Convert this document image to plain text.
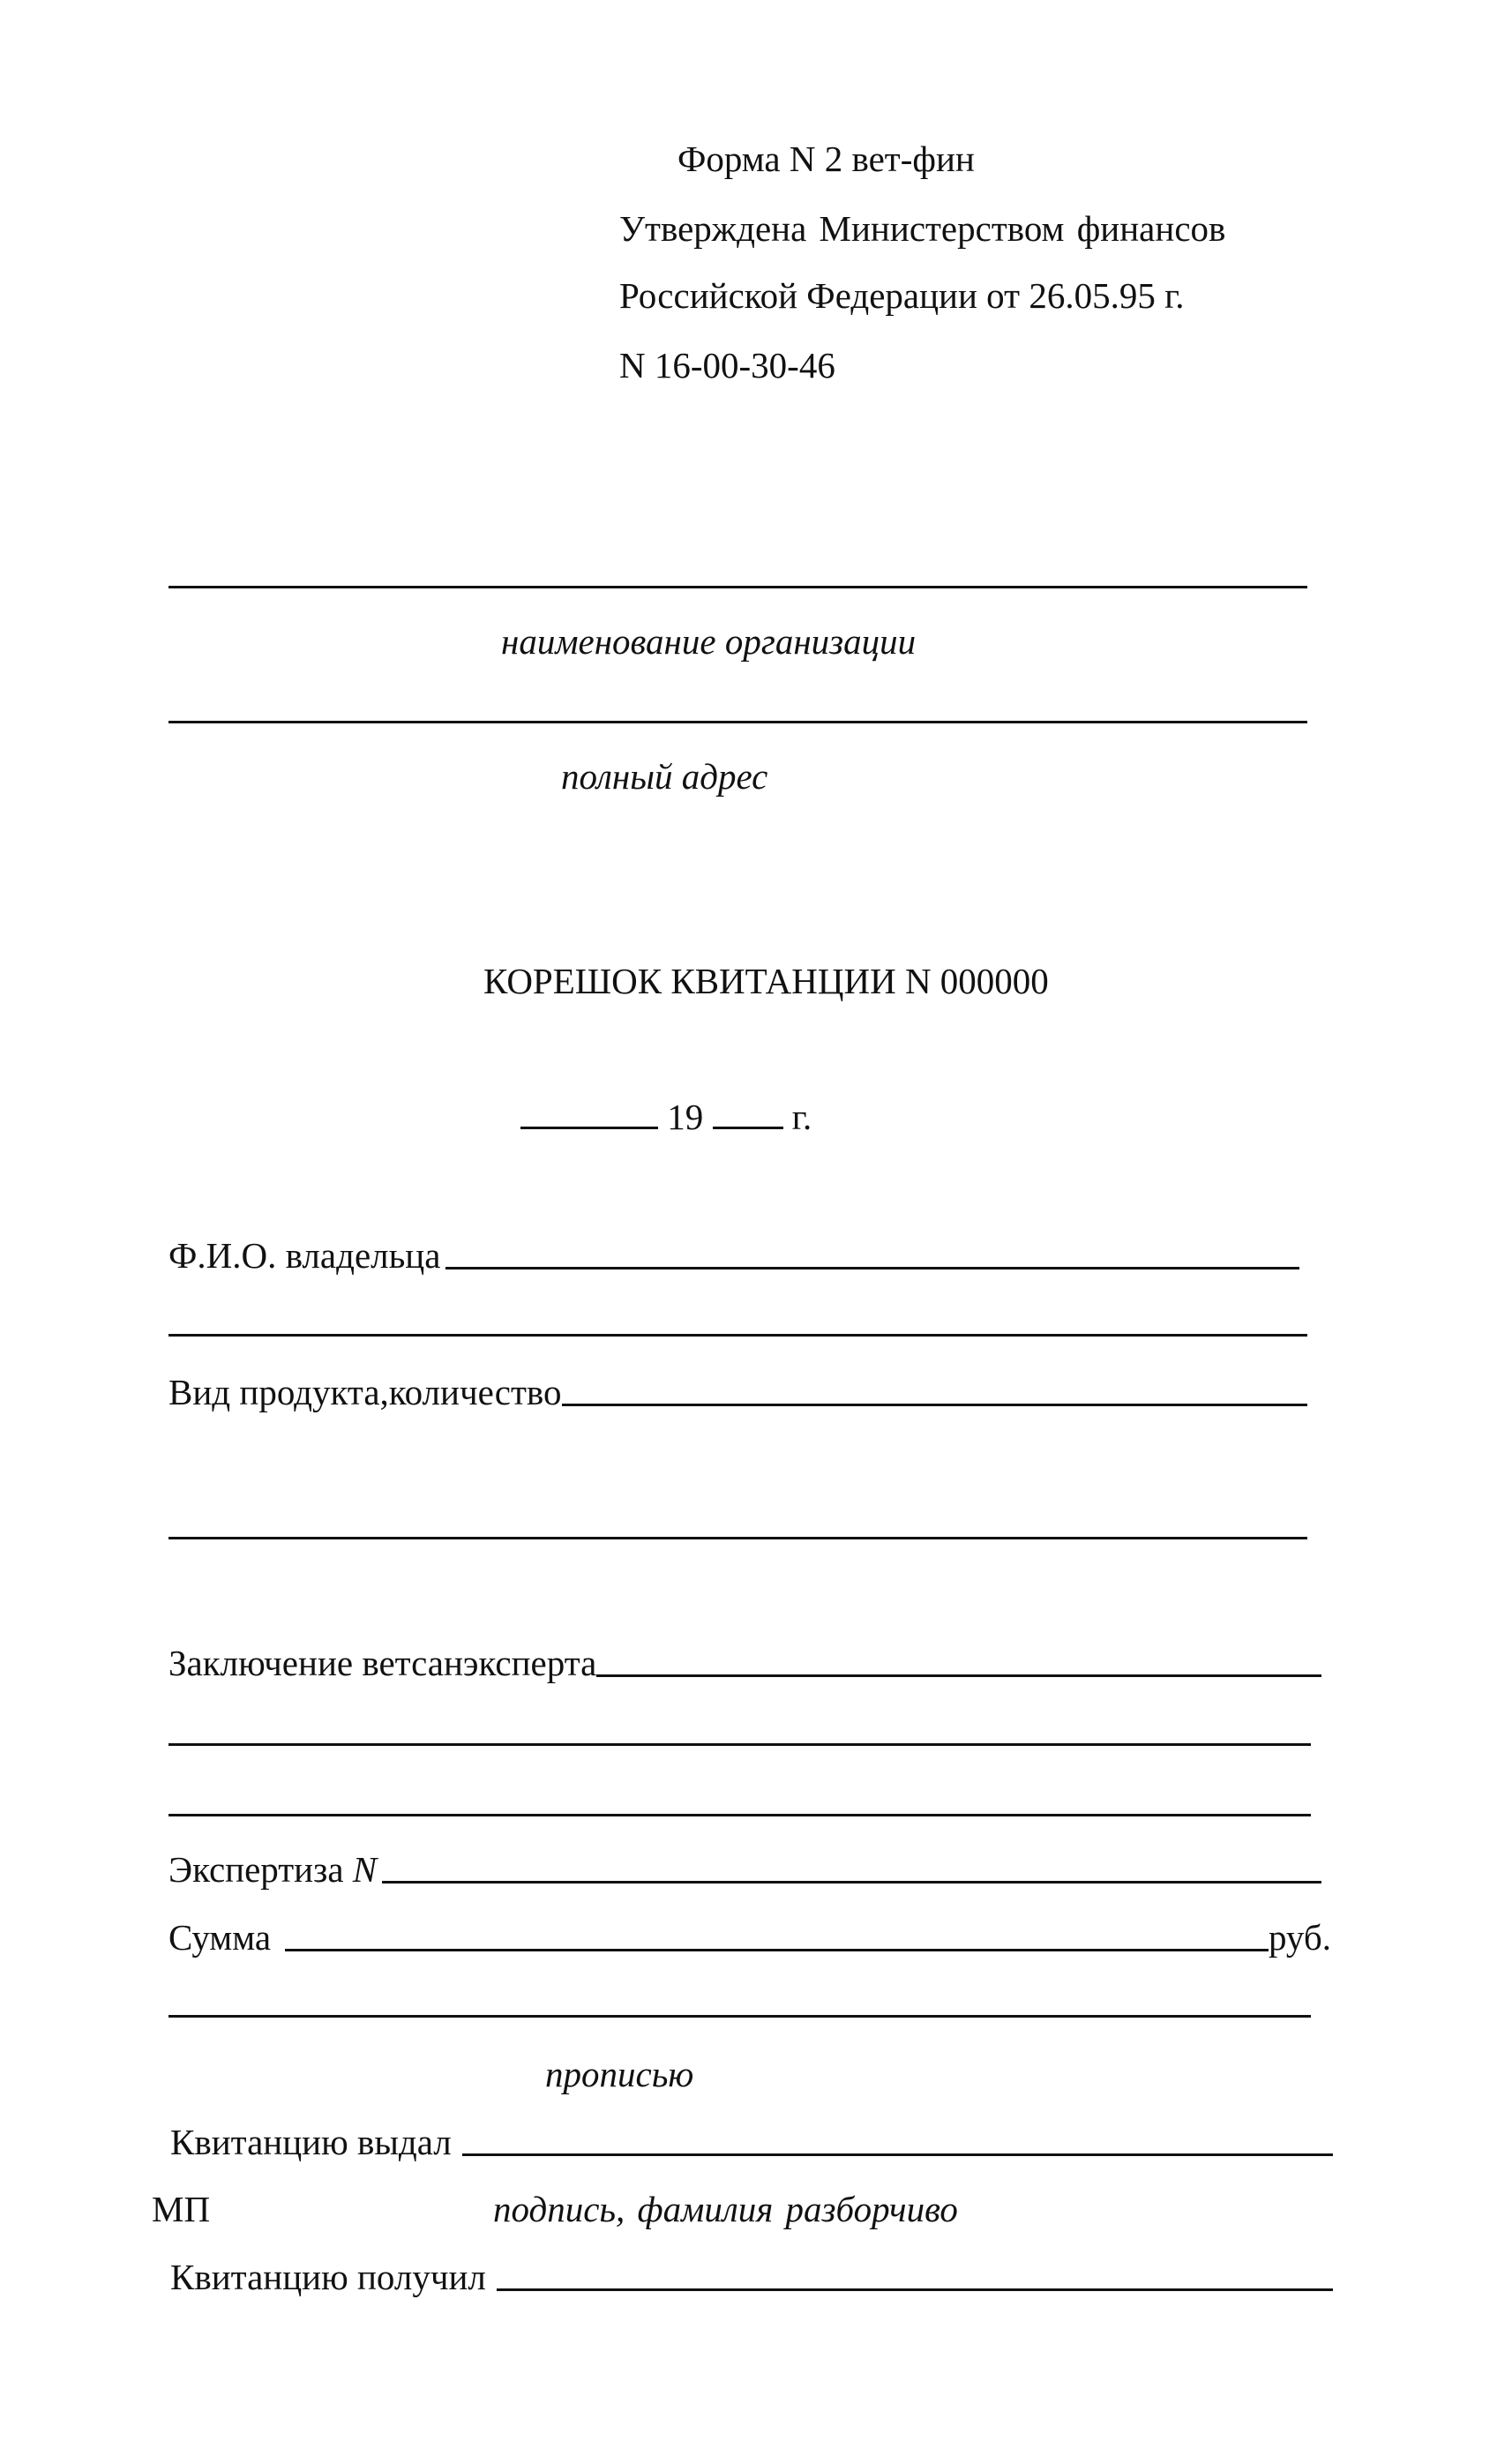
Форма N 2 вет-фин
Утверждена Министерством финансов
Российской Федерации от 26.05.95 г.
N 16-00-30-46
наименование организации
полный адрес
КОРЕШОК КВИТАНЦИИ N 000000
19 г.
Ф.И.О. владельца
Вид продукта,количество
Заключение ветсанэксперта
Экспертиза
N
Сумма	руб.
прописью
Квитанцию выдал
МП	подпись, фамилия разборчиво
Квитанцию получил
